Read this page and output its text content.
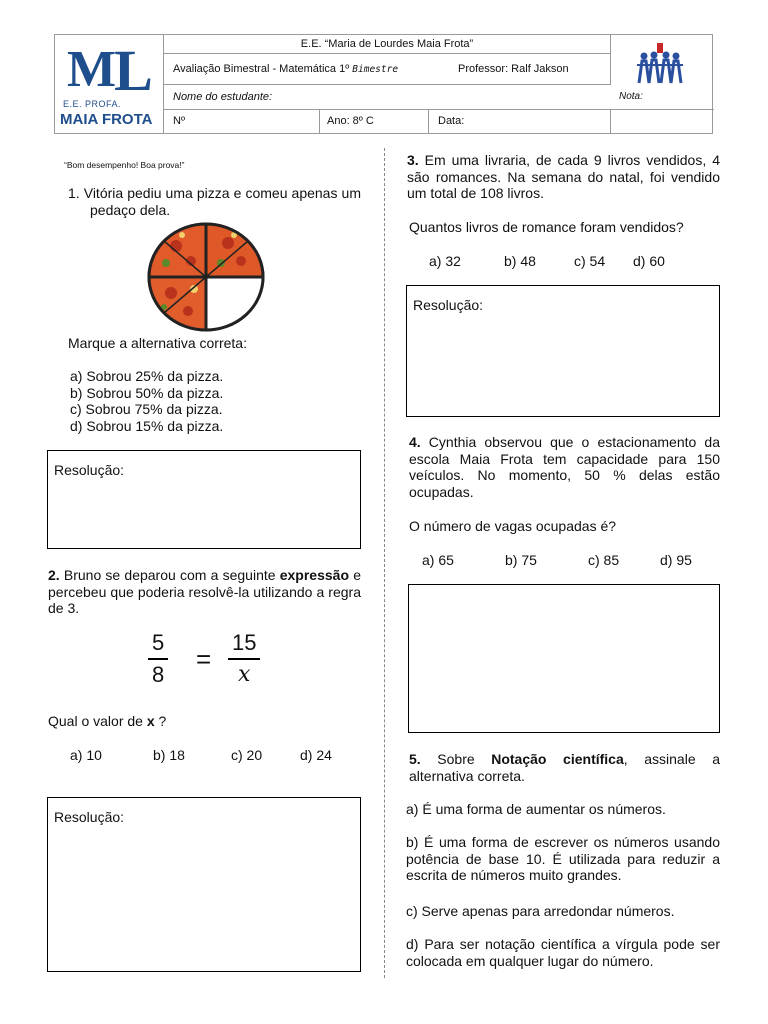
ML
E.E. PROFA.
MAIA FROTA
E.E. “Maria de Lourdes Maia Frota”
Avaliação Bimestral - Matemática 1º Bimestre	Professor: Ralf Jakson
Nome do estudante:	Nota:
Nº	Ano: 8º C	Data:
“Bom desempenho! Boa prova!”
1. Vitória pediu uma pizza e comeu apenas um pedaço dela.
Marque a alternativa correta:
a) Sobrou 25% da pizza.
b) Sobrou 50% da pizza.
c) Sobrou 75% da pizza.
d) Sobrou 15% da pizza.
Resolução:
2. Bruno se deparou com a seguinte expressão e percebeu que poderia resolvê-la utilizando a regra de 3.
5
8
=
15
x
Qual o valor de x ?
a) 10	b) 18	c) 20	d) 24
Resolução:
3. Em uma livraria, de cada 9 livros vendidos, 4 são romances. Na semana do natal, foi vendido um total de 108 livros.
Quantos livros de romance foram vendidos?
a) 32	b) 48	c) 54 d) 60
Resolução:
4. Cynthia observou que o estacionamento da escola Maia Frota tem capacidade para 150 veículos. No momento, 50 % delas estão ocupadas.
O número de vagas ocupadas é?
a) 65	b) 75	c) 85	d) 95
5. Sobre Notação científica, assinale a alternativa correta.
a) É uma forma de aumentar os números.
b) É uma forma de escrever os números usando potência de base 10. É utilizada para reduzir a escrita de números muito grandes.
c) Serve apenas para arredondar números.
d) Para ser notação científica a vírgula pode ser colocada em qualquer lugar do número.
